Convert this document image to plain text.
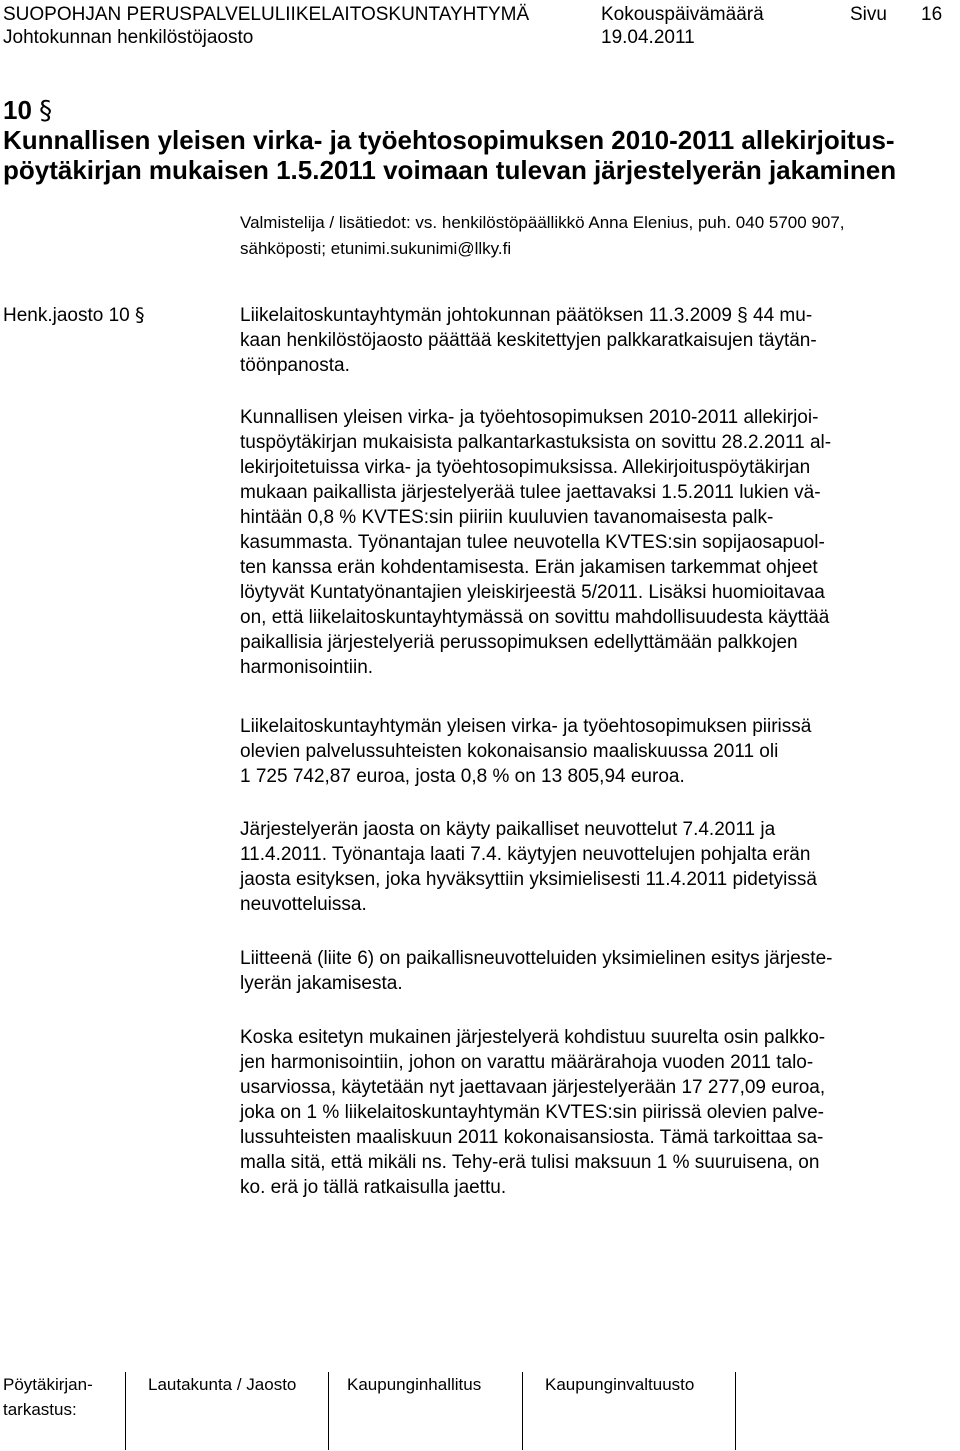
SUOPOHJAN PERUSPALVELULIIKELAITOSKUNTAYHTYMÄ	Kokouspäivämäärä	Sivu 16
Johtokunnan henkilöstöjaosto	19.04.2011
10 §
Kunnallisen yleisen virka- ja työehtosopimuksen 2010-2011 allekirjoitus-
pöytäkirjan mukaisen 1.5.2011 voimaan tulevan järjestelyerän jakaminen
Valmistelija / lisätiedot: vs. henkilöstöpäällikkö Anna Elenius, puh. 040 5700 907,
sähköposti; etunimi.sukunimi@llky.fi
Henk.jaosto 10 §	Liikelaitoskuntayhtymän johtokunnan päätöksen 11.3.2009 § 44 mu-
kaan henkilöstöjaosto päättää keskitettyjen palkkaratkaisujen täytän-
töönpanosta.
Kunnallisen yleisen virka- ja työehtosopimuksen 2010-2011 allekirjoi-
tuspöytäkirjan mukaisista palkantarkastuksista on sovittu 28.2.2011 al-
lekirjoitetuissa virka- ja työehtosopimuksissa. Allekirjoituspöytäkirjan
mukaan paikallista järjestelyerää tulee jaettavaksi 1.5.2011 lukien vä-
hintään 0,8 % KVTES:sin piiriin kuuluvien tavanomaisesta palk-
kasummasta. Työnantajan tulee neuvotella KVTES:sin sopijaosapuol-
ten kanssa erän kohdentamisesta. Erän jakamisen tarkemmat ohjeet
löytyvät Kuntatyönantajien yleiskirjeestä 5/2011. Lisäksi huomioitavaa
on, että liikelaitoskuntayhtymässä on sovittu mahdollisuudesta käyttää
paikallisia järjestelyeriä perussopimuksen edellyttämään palkkojen
harmonisointiin.
Liikelaitoskuntayhtymän yleisen virka- ja työehtosopimuksen piirissä
olevien palvelussuhteisten kokonaisansio maaliskuussa 2011 oli
1 725 742,87 euroa, josta 0,8 % on 13 805,94 euroa.
Järjestelyerän jaosta on käyty paikalliset neuvottelut 7.4.2011 ja
11.4.2011. Työnantaja laati 7.4. käytyjen neuvottelujen pohjalta erän
jaosta esityksen, joka hyväksyttiin yksimielisesti 11.4.2011 pidetyissä
neuvotteluissa.
Liitteenä (liite 6) on paikallisneuvotteluiden yksimielinen esitys järjeste-
lyerän jakamisesta.
Koska esitetyn mukainen järjestelyerä kohdistuu suurelta osin palkko-
jen harmonisointiin, johon on varattu määrärahoja vuoden 2011 talo-
usarviossa, käytetään nyt jaettavaan järjestelyerään 17 277,09 euroa,
joka on 1 % liikelaitoskuntayhtymän KVTES:sin piirissä olevien palve-
lussuhteisten maaliskuun 2011 kokonaisansiosta. Tämä tarkoittaa sa-
malla sitä, että mikäli ns. Tehy-erä tulisi maksuun 1 % suuruisena, on
ko. erä jo tällä ratkaisulla jaettu.
Pöytäkirjan-
tarkastus:
Lautakunta / Jaosto	Kaupunginhallitus	Kaupunginvaltuusto
